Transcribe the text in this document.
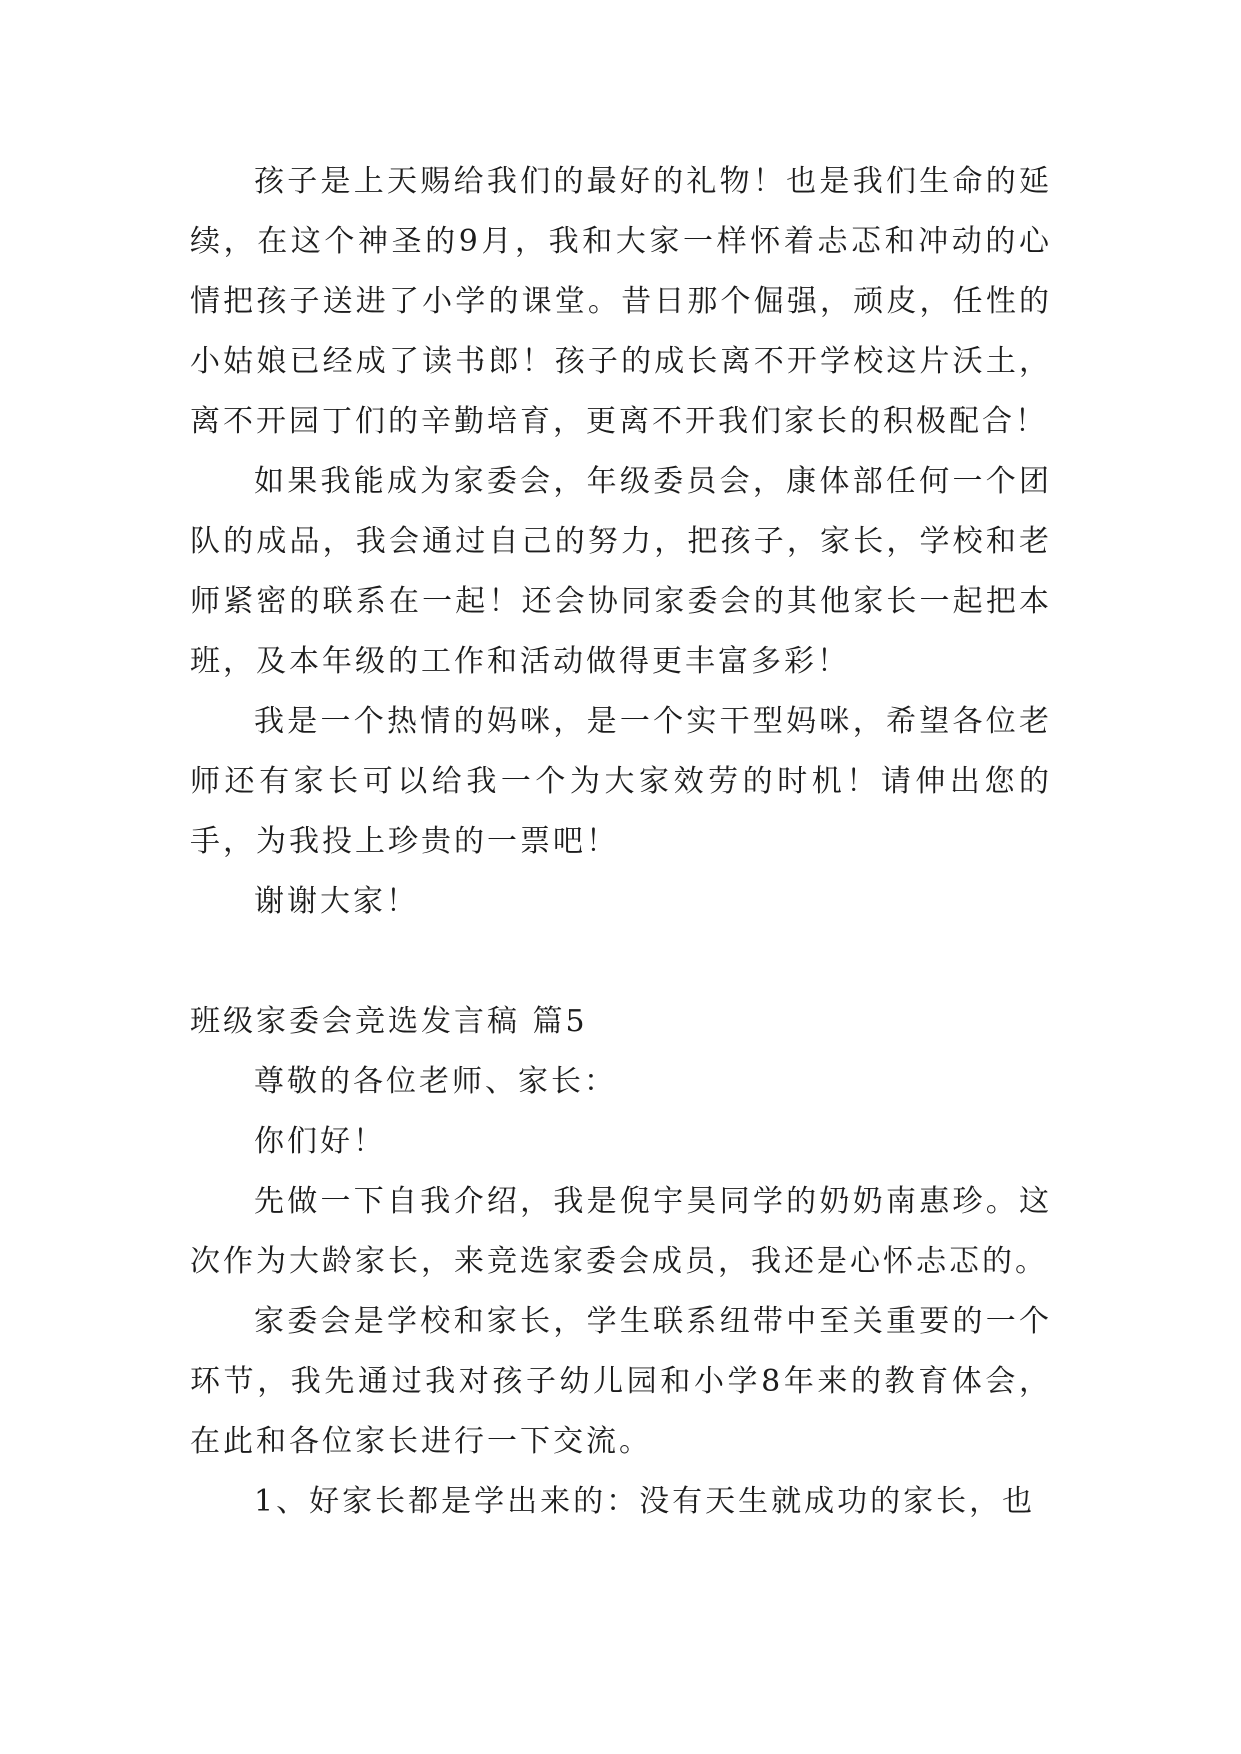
孩子是上天赐给我们的最好的礼物！也是我们生命的延续，在这个神圣的9月，我和大家一样怀着忐忑和冲动的心情把孩子送进了小学的课堂。昔日那个倔强，顽皮，任性的小姑娘已经成了读书郎！孩子的成长离不开学校这片沃土，离不开园丁们的辛勤培育，更离不开我们家长的积极配合！

如果我能成为家委会，年级委员会，康体部任何一个团队的成品，我会通过自己的努力，把孩子，家长，学校和老师紧密的联系在一起！还会协同家委会的其他家长一起把本班，及本年级的工作和活动做得更丰富多彩！

我是一个热情的妈咪，是一个实干型妈咪，希望各位老师还有家长可以给我一个为大家效劳的时机！请伸出您的手，为我投上珍贵的一票吧！

谢谢大家！

班级家委会竞选发言稿 篇5

尊敬的各位老师、家长：

你们好！

先做一下自我介绍，我是倪宇昊同学的奶奶南惠珍。这次作为大龄家长，来竞选家委会成员，我还是心怀忐忑的。

家委会是学校和家长，学生联系纽带中至关重要的一个环节，我先通过我对孩子幼儿园和小学8年来的教育体会，在此和各位家长进行一下交流。

1、好家长都是学出来的：没有天生就成功的家长，也
